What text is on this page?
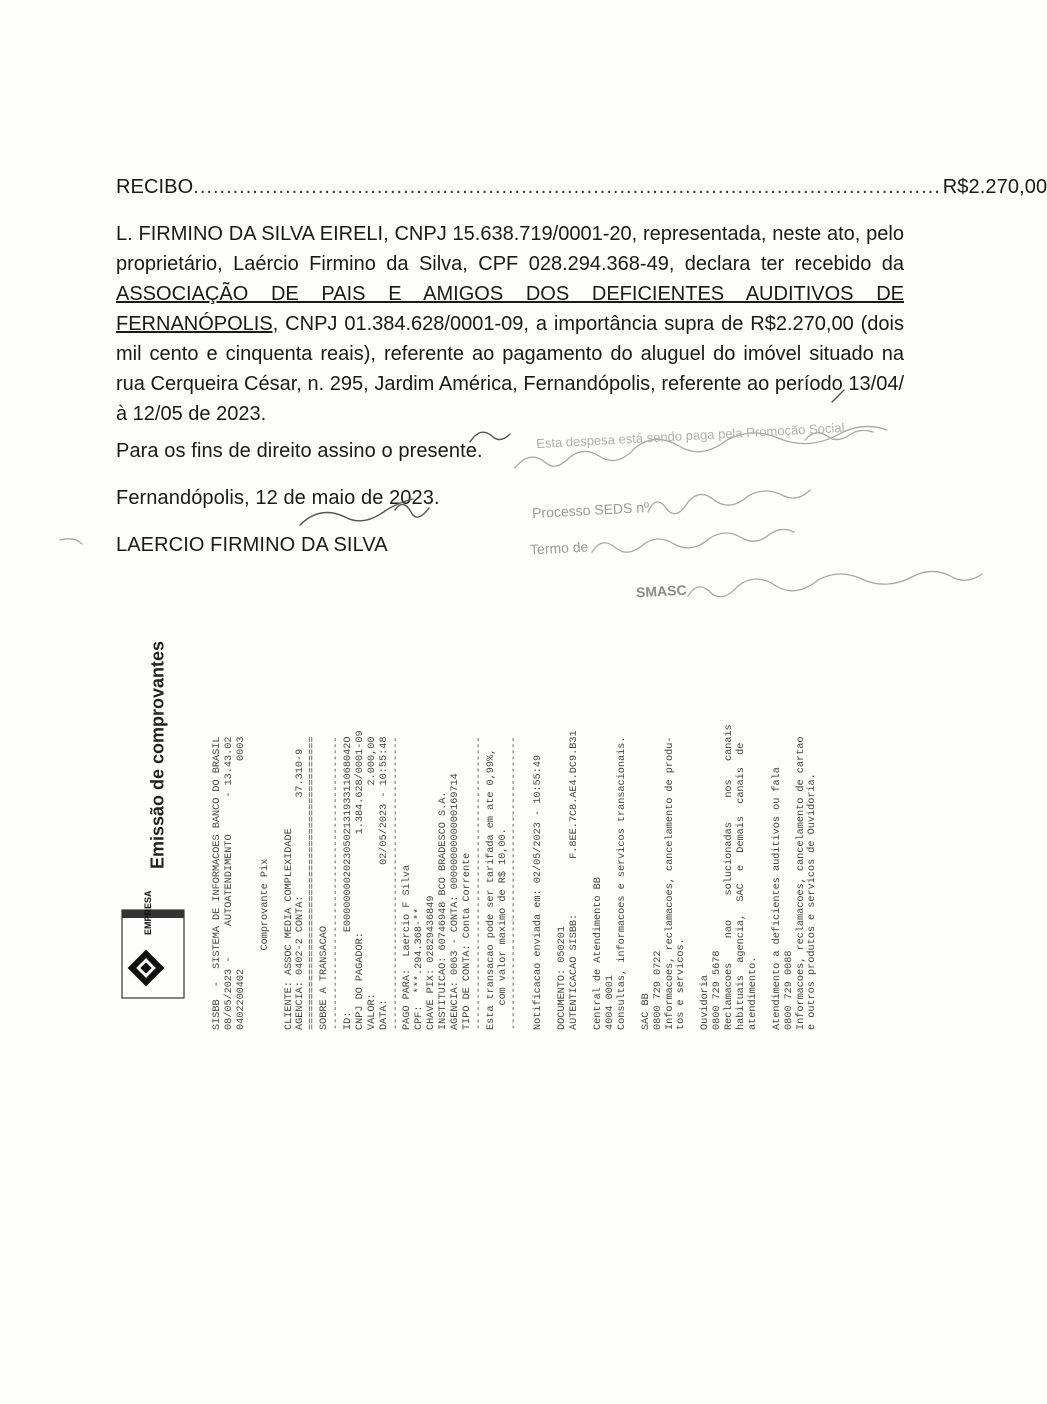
RECIBO .................................................................................................................. R$2.270,00
L. FIRMINO DA SILVA EIRELI, CNPJ 15.638.719/0001-20, representada, neste ato, pelo proprietário, Laércio Firmino da Silva, CPF 028.294.368-49, declara ter recebido da ASSOCIAÇÃO DE PAIS E AMIGOS DOS DEFICIENTES AUDITIVOS DE FERNANÓPOLIS, CNPJ 01.384.628/0001-09, a importância supra de R$2.270,00 (dois mil cento e cinquenta reais), referente ao pagamento do aluguel do imóvel situado na rua Cerqueira César, n. 295, Jardim América, Fernandópolis, referente ao período 13/04/ à 12/05 de 2023.
Para os fins de direito assino o presente.
Fernandópolis, 12 de maio de 2023.
LAERCIO FIRMINO DA SILVA
Esta despesa está sendo paga pela Promoção Social
Processo SEDS nº
Termo de
SMASC
Emissão de comprovantes
EMPRESA	SISBB  -  SISTEMA DE INFORMACOES BANCO DO BRASIL 08/05/2023 -     AUTOATENDIMENTO      - 13.43.02 0402200402                                  0003 Comprovante Pix CLIENTE: ASSOC MEDIA COMPLEXIDADE AGENCIA: 0402-2 CONTA:                37.310-9 ================================================ SOBRE A TRANSACAO ------------------------------------------------ ID:             E000000002023050213193311068042O CNPJ DO PAGADOR:                1.384.628/0001-09 VALOR:                                  2.000,00 DATA:                      02/05/2023 - 10:55:48 ------------------------------------------------ PAGO PARA:  Laercio F Silva CPF:  ***.294.368-** CHAVE PIX: 02829436849 INSTITUICAO: 60746948 BCO BRADESCO S.A. AGENCIA: 0063 - CONTA: 0000000000000169714 TIPO DE CONTA: Conta Corrente ------------------------------------------------ Esta transacao pode ser tarifada em ate 0,99%, com valor maximo de R$ 10,00. ------------------------------------------------ Notificacao enviada em: 02/05/2023 - 10:55:49 DOCUMENTO: 050201 AUTENTICACAO SISBB:         F.8EE.7C8.AE4.DC9.B31 Central de Atendimento BB 4004 0001 Consultas, informacoes e servicos transacionais. SAC BB 0800 729 0722 Informacoes, reclamacoes, cancelamento de produ- tos e servicos. Ouvidoria 0800 729 5678 Reclamacoes    nao    solucionadas    nos   canais habituais  agencia,  SAC  e  Demais  canais  de atendimento. Atendimento a deficientes auditivos ou fala 0800 729 0088 Informacoes, reclamacoes, cancelamento de cartao e outros produtos e servicos de Ouvidoria.
